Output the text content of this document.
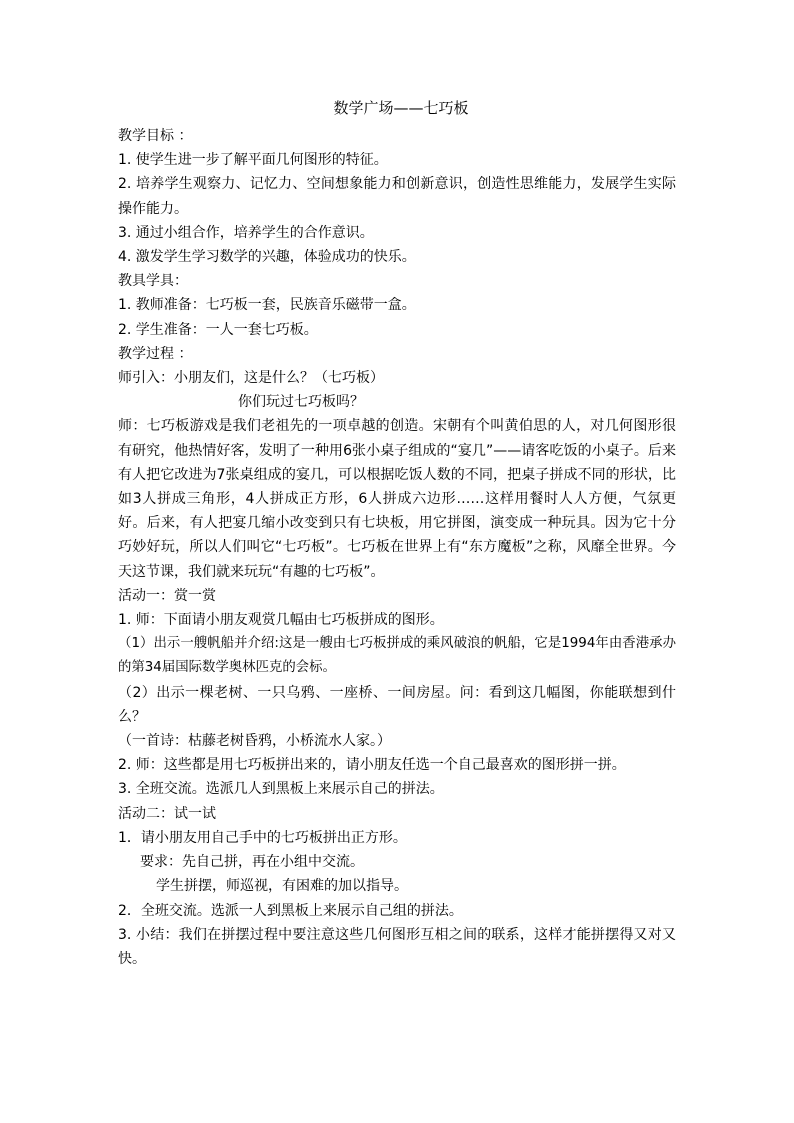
数学广场——七巧板
教学目标 ：
1. 使学生进一步了解平面几何图形的特征。
2. 培养学生观察力、记忆力、空间想象能力和创新意识，创造性思维能力，发展学生实际操作能力。
3. 通过小组合作，培养学生的合作意识。
4. 激发学生学习数学的兴趣，体验成功的快乐。
教具学具：
1. 教师准备：七巧板一套，民族音乐磁带一盒。
2. 学生准备：一人一套七巧板。
教学过程 ：
师引入：小朋友们，这是什么？（七巧板）
你们玩过七巧板吗？
师：七巧板游戏是我们老祖先的一项卓越的创造。宋朝有个叫黄伯思的人，对几何图形很有研究，他热情好客，发明了一种用6张小桌子组成的“宴几”——请客吃饭的小桌子。后来有人把它改进为7张桌组成的宴几，可以根据吃饭人数的不同，把桌子拼成不同的形状，比如3人拼成三角形，4人拼成正方形，6人拼成六边形……这样用餐时人人方便，气氛更好。后来，有人把宴几缩小改变到只有七块板，用它拼图，演变成一种玩具。因为它十分巧妙好玩，所以人们叫它“七巧板”。七巧板在世界上有“东方魔板”之称，风靡全世界。今天这节课，我们就来玩玩“有趣的七巧板”。
活动一：赏一赏
1. 师：下面请小朋友观赏几幅由七巧板拼成的图形。
（1）出示一艘帆船并介绍:这是一艘由七巧板拼成的乘风破浪的帆船，它是1994年由香港承办的第34届国际数学奥林匹克的会标。
（2）出示一棵老树、一只乌鸦、一座桥、一间房屋。问：看到这几幅图，你能联想到什么？
（一首诗：枯藤老树昏鸦，小桥流水人家。）
2. 师：这些都是用七巧板拼出来的，请小朋友任选一个自己最喜欢的图形拼一拼。
3. 全班交流。选派几人到黑板上来展示自己的拼法。
活动二：试一试
1．请小朋友用自己手中的七巧板拼出正方形。
要求：先自己拼，再在小组中交流。
学生拼摆，师巡视，有困难的加以指导。
2．全班交流。选派一人到黑板上来展示自己组的拼法。
3. 小结：我们在拼摆过程中要注意这些几何图形互相之间的联系，这样才能拼摆得又对又快。
